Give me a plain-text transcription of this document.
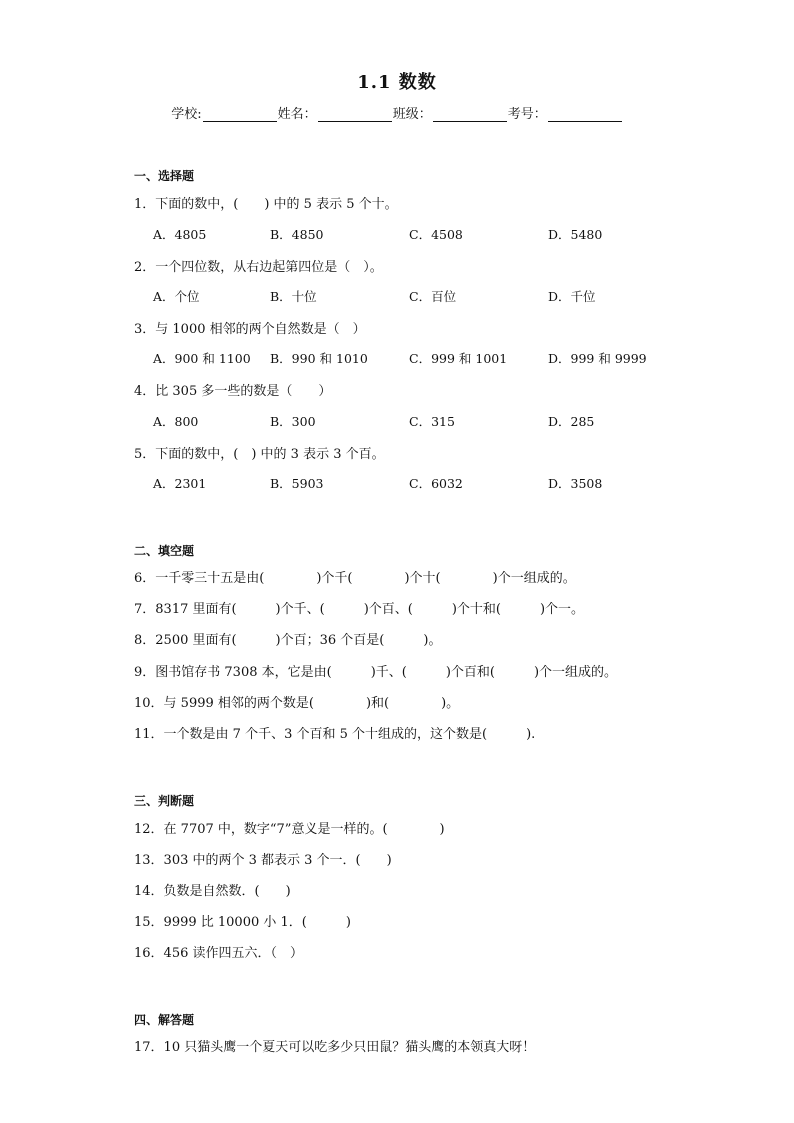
1.1 数数
学校:	姓名：	班级：	考号：
一、选择题
1．下面的数中，(　　) 中的 5 表示 5 个十。
A．4805	B．4850	C．4508	D．5480
2．一个四位数，从右边起第四位是（　）。
A．个位	B．十位	C．百位	D．千位
3．与 1000 相邻的两个自然数是（　）
A．900 和 1100 B．990 和 1010	C．999 和 1001	D．999 和 9999
4．比 305 多一些的数是（　　）
A．800	B．300	C．315	D．285
5．下面的数中，(　) 中的 3 表示 3 个百。
A．2301	B．5903	C．6032	D．3508
二、填空题
6．一千零三十五是由(　　　　)个千(　　　　)个十(　　　　)个一组成的。
7．8317 里面有(　　　)个千、(　　　)个百、(　　　)个十和(　　　)个一。
8．2500 里面有(　　　)个百；36 个百是(　　　)。
9．图书馆存书 7308 本，它是由(　　　)千、(　　　)个百和(　　　)个一组成的。
10．与 5999 相邻的两个数是(　　　　)和(　　　　)。
11．一个数是由 7 个千、3 个百和 5 个十组成的，这个数是(　　　).
三、判断题
12．在 7707 中，数字“7”意义是一样的。(　　　　)
13．303 中的两个 3 都表示 3 个一．(　　)
14．负数是自然数．(　　)
15．9999 比 10000 小 1．(　　　)
16．456 读作四五六．（　）
四、解答题
17．10 只猫头鹰一个夏天可以吃多少只田鼠？猫头鹰的本领真大呀！
